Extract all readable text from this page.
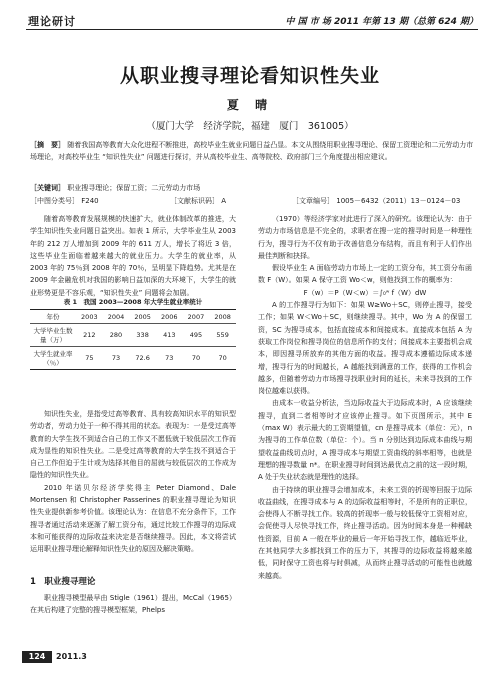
理论研讨	中 国 市 场 2011 年第 13 期（总第 624 期）
从职业搜寻理论看知识性失业
夏 晴
（厦门大学　经济学院，福建　厦门　361005）
［摘　要］ 随着我国高等教育大众化进程不断推进，高校毕业生就业问题日益凸显。本文从围绕用职业搜寻理论、保留工资理论和二元劳动力市场理论，对高校毕业生 “知识性失业” 问题进行探讨，并从高校毕业生、高等院校、政府部门三个角度提出相应建议。
［关键词］ 职业搜寻理论；保留工资；二元劳动力市场
［中图分类号］ F240	［文献标识码］ A	［文章编号］ 1005－6432（2011）13－0124－03

随着高等教育发展规模的快速扩大，就业体制改革的推进，大学生知识性失业问题日益突出。如表 1 所示，大学毕业生从 2003 年的 212 万人增加到 2009 年的 611 万人，增长了将近 3 倍，这些毕业生面临着越来越大的就业压力。大学生的就业率，从 2003 年的 75％到 2008 年的 70％，呈明显下降趋势。尤其是在 2009 年金融危机对我国的影响日益加深的大环境下，大学生的就业形势更是不容乐观，“知识性失业” 问题将会加剧。

表 1　我国 2003—2008 年大学生就业率统计
年份	2003	2004	2005	2006	2007	2008
大学毕业生数量（万）	212	280	338	413	495	559
大学生就业率（％）	75	73	72.6	73	70	70

知识性失业，是指受过高等教育、具有较高知识水平的知识型劳动者，劳动力处于一种不得其用的状态。表现为：一是受过高等教育的大学生找不到适合自己的工作又不愿低就于较低层次工作而成为显性的知识性失业。二是受过高等教育的大学生找不到适合于自己工作但迫于生计或为选择其他目的屈就与较低层次的工作成为隐性的知识性失业。

2010 年诺贝尔经济学奖得主 Peter Diamond、Dale Mortensen 和 Christopher Passerines 的职业搜寻理论为知识性失业提供新参考价值。该理论认为：在信息不充分条件下，工作搜寻者通过活动来逐渐了解工资分布，通过比较工作搜寻的边际成本和可能获得的边际收益来决定是否继续搜寻。因此，本文将尝试运用职业搜寻理论解释知识性失业的原因及解决策略。

1　职业搜寻理论

职业搜寻模型最早由 Stigle（1961）提出，McCal（1965）在其后构建了完整的搜寻模型框架，Phelps

（1970）等经济学家对此进行了深入的研究。该理论认为：由于劳动力市场信息是不完全的，求职者在搜一定的搜寻时间是一种理性行为，搜寻行为不仅有助于改善信息分布结构，而且有利于人们作出最佳判断和抉择。

假设毕业生 A 面临劳动力市场上一定的工资分布，其工资分布函数 F（W）。如果 A 保守工资 Wo＜w，则他找到工作的概率为：

F（w）＝P（W＜w）＝∫₀ʷ f（W）dW

A 的工作搜寻行为如下：如果 W≥Wo＋SC，则停止搜寻，接受工作；如果 W＜Wo＋SC，则继续搜寻。其中，Wo 为 A 的保留工资，SC 为搜寻成本，包括直接成本和间接成本。直接成本包括 A 为获取工作岗位和搜寻岗位的信息所作的支付；间接成本主要指机会成本，即因搜寻所放弃的其他方面的收益。搜寻成本遵循边际成本递增，搜寻行为的时间越长，A 越能找到满意的工作，获得的工作机会越多，但随着劳动力市场搜寻找职业时间的延长，未来寻找到的工作岗位越难以获得。

由成本一收益分析法，当边际收益大于边际成本时，A 应该继续搜寻，直到二者相等时才应该停止搜寻。如下页图所示，其中 E（max W）表示最大的工资期望值，cn 是搜寻成本（单位：元），n 为搜寻的工作单位数（单位：个）。当 n 分别达到边际成本曲线与期望收益曲线切点时，A 搜寻成本与期望工资曲线的斜率相等，也就是理想的搜寻数量 n*。在职业搜寻时间到达最优点之前的这一段时期，A 处于失业状态就是理性的选择。

由于持续的职业搜寻会增加成本，未来工资的折现等回报于边际收益曲线，在搜寻成本与 A 的边际收益相等时，不是所有的正职位，会使得人不断寻找工作。较高的折现率一般与较低保守工资相对应，会促使寻人尽快寻找工作，终止搜寻活动。因为时间本身是一种稀缺性资源，目前 A 一般在毕业的最后一年开始寻找工作，越临近毕业，在其他同学大多都找到工作的压力下，其搜寻的边际收益将越来越低，同时保守工资也将与时俱减，从而终止搜寻活动的可能性也就越来越高。

124	2011.3
